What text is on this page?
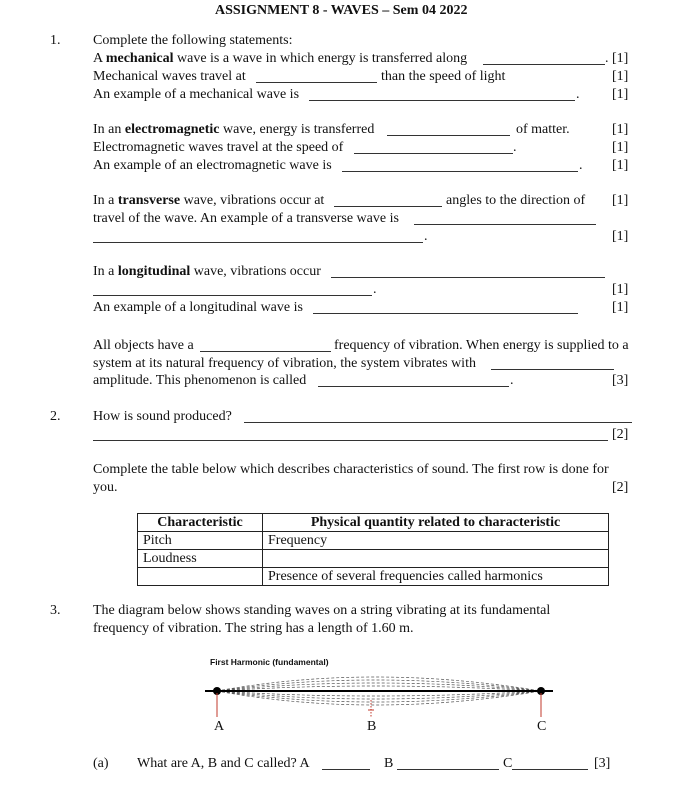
ASSIGNMENT 8 - WAVES – Sem 04 2022
1. Complete the following statements:
A mechanical wave is a wave in which energy is transferred along	. [1]
Mechanical waves travel at	than the speed of light	[1]
An example of a mechanical wave is	. [1]
In an electromagnetic wave, energy is transferred	of matter.	[1]
Electromagnetic waves travel at the speed of	.	[1]
An example of an electromagnetic wave is	. [1]
In a transverse wave, vibrations occur at	angles to the direction of [1]
travel of the wave. An example of a transverse wave is
.	[1]
In a longitudinal wave, vibrations occur
.	[1]
An example of a longitudinal wave is	[1]
All objects have a	frequency of vibration. When energy is supplied to a
system at its natural frequency of vibration, the system vibrates with
amplitude. This phenomenon is called	.	[3]
2. How is sound produced?
[2]
Complete the table below which describes characteristics of sound. The first row is done for
you.	[2]
Characteristic	Physical quantity related to characteristic
Pitch	Frequency
Loudness	
	Presence of several frequencies called harmonics
3. The diagram below shows standing waves on a string vibrating at its fundamental
frequency of vibration. The string has a length of 1.60 m.
First Harmonic (fundamental)
A	B	C
(a) What are A, B and C called? A	B	C	[3]
